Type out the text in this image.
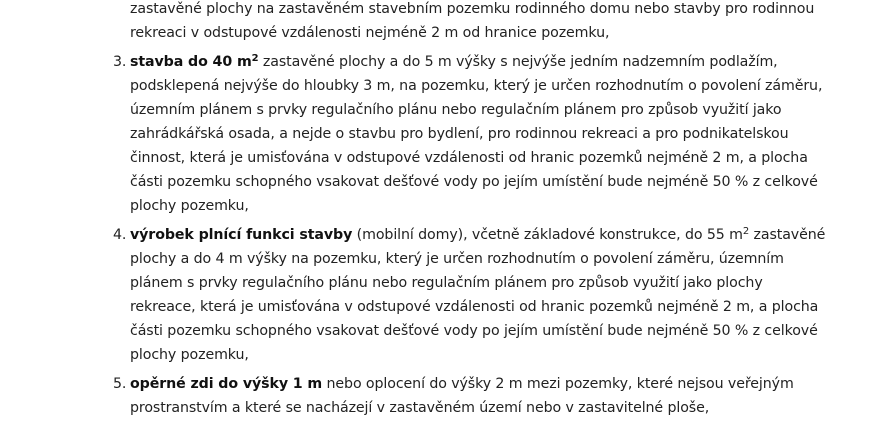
zastavěné plochy na zastavěném stavebním pozemku rodinného domu nebo stavby pro rodinnou rekreaci v odstupové vzdálenosti nejméně 2 m od hranice pozemku,

3. stavba do 40 $m^2$ zastavěné plochy a do 5 m výšky s nejvýše jedním nadzemním podlažím, podsklepená nejvýše do hloubky 3 m, na pozemku, který je určen rozhodnutím o povolení záměru, územním plánem s prvky regulačního plánu nebo regulačním plánem pro způsob využití jako zahrádkářská osada, a nejde o stavbu pro bydlení, pro rodinnou rekreaci a pro podnikatelskou činnost, která je umisťována v odstupové vzdálenosti od hranic pozemků nejméně 2 m, a plocha části pozemku schopného vsakovat dešťové vody po jejím umístění bude nejméně 50 % z celkové plochy pozemku,
4. výrobek plnící funkci stavby (mobilní domy), včetně základové konstrukce, do 55 $m^2$ zastavěné plochy a do 4 m výšky na pozemku, který je určen rozhodnutím o povolení záměru, územním plánem s prvky regulačního plánu nebo regulačním plánem pro způsob využití jako plochy rekreace, která je umisťována v odstupové vzdálenosti od hranic pozemků nejméně 2 m, a plocha části pozemku schopného vsakovat dešťové vody po jejím umístění bude nejméně 50 % z celkové plochy pozemku,
5. opěrné zdi do výšky 1 m nebo oplocení do výšky 2 m mezi pozemky, které nejsou veřejným prostranstvím a které se nacházejí v zastavěném území nebo v zastavitelné ploše,
